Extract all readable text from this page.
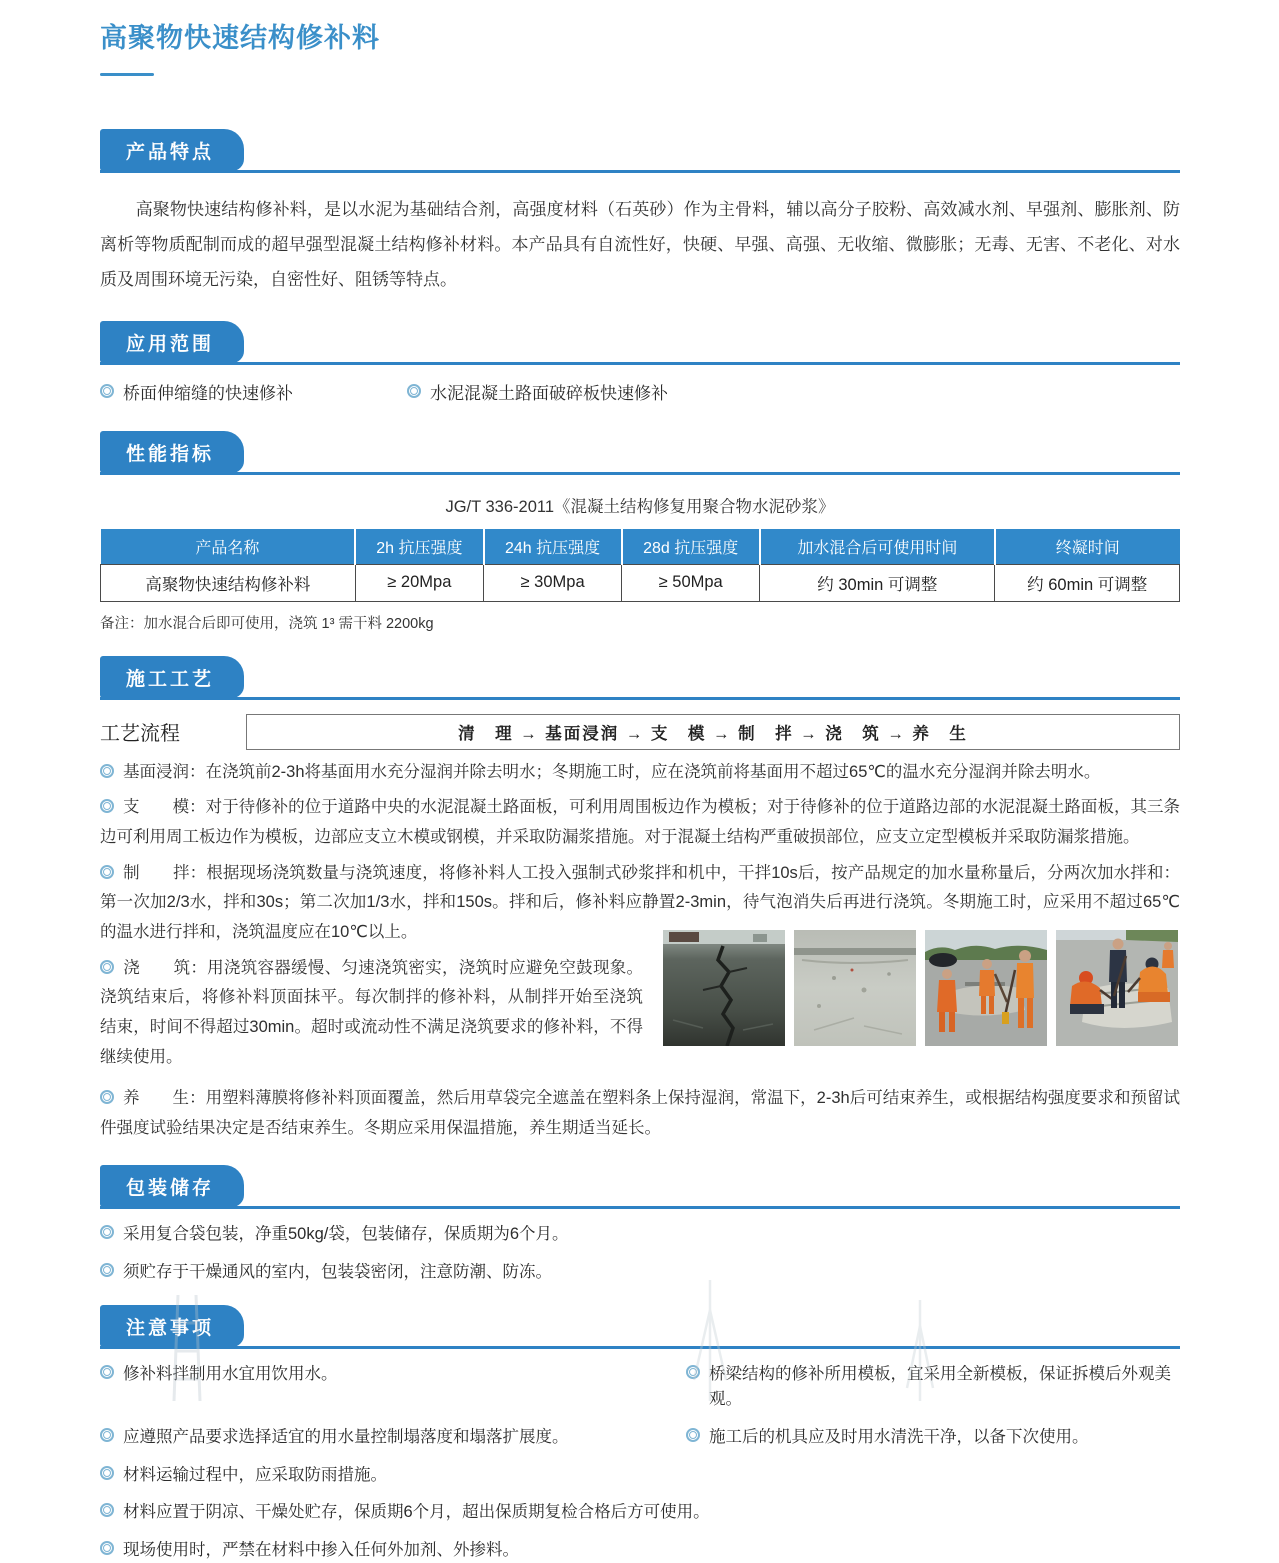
高聚物快速结构修补料
产品特点

高聚物快速结构修补料，是以水泥为基础结合剂，高强度材料（石英砂）作为主骨料，辅以高分子胶粉、高效减水剂、早强剂、膨胀剂、防离析等物质配制而成的超早强型混凝土结构修补材料。本产品具有自流性好，快硬、早强、高强、无收缩、微膨胀；无毒、无害、不老化、对水质及周围环境无污染，自密性好、阻锈等特点。

应用范围
桥面伸缩缝的快速修补	水泥混凝土路面破碎板快速修补
性能指标
JG/T 336-2011《混凝土结构修复用聚合物水泥砂浆》
产品名称	2h 抗压强度	24h 抗压强度	28d 抗压强度	加水混合后可使用时间	终凝时间
高聚物快速结构修补料	≥ 20Mpa	≥ 30Mpa	≥ 50Mpa	约 30min 可调整	约 60min 可调整
备注：加水混合后即可使用，浇筑 1³ 需干料 2200kg
施工工艺
工艺流程	清　理 → 基面浸润 → 支　模 → 制　拌 → 浇　筑 → 养　生

基面浸润：在浇筑前2-3h将基面用水充分湿润并除去明水；冬期施工时，应在浇筑前将基面用不超过65℃的温水充分湿润并除去明水。

支　　模：对于待修补的位于道路中央的水泥混凝土路面板，可利用周围板边作为模板；对于待修补的位于道路边部的水泥混凝土路面板，其三条边可利用周工板边作为模板，边部应支立木模或钢模，并采取防漏浆措施。对于混凝土结构严重破损部位，应支立定型模板并采取防漏浆措施。

制　　拌：根据现场浇筑数量与浇筑速度，将修补料人工投入强制式砂浆拌和机中，干拌10s后，按产品规定的加水量称量后，分两次加水拌和：第一次加2/3水，拌和30s；第二次加1/3水，拌和150s。拌和后，修补料应静置2-3min，待气泡消失后再进行浇筑。冬期施工时，应采用不超过65℃的温水进行拌和，浇筑温度应在10℃以上。

浇　　筑：用浇筑容器缓慢、匀速浇筑密实，浇筑时应避免空鼓现象。浇筑结束后，将修补料顶面抹平。每次制拌的修补料，从制拌开始至浇筑结束，时间不得超过30min。超时或流动性不满足浇筑要求的修补料，不得继续使用。

养　　生：用塑料薄膜将修补料顶面覆盖，然后用草袋完全遮盖在塑料条上保持湿润，常温下，2-3h后可结束养生，或根据结构强度要求和预留试件强度试验结果决定是否结束养生。冬期应采用保温措施，养生期适当延长。

包装储存
采用复合袋包装，净重50kg/袋，包装储存，保质期为6个月。
须贮存于干燥通风的室内，包装袋密闭，注意防潮、防冻。
注意事项
修补料拌制用水宜用饮用水。	桥梁结构的修补所用模板，宜采用全新模板，保证拆模后外观美观。
应遵照产品要求选择适宜的用水量控制塌落度和塌落扩展度。	施工后的机具应及时用水清洗干净，以备下次使用。
材料运输过程中，应采取防雨措施。
材料应置于阴凉、干燥处贮存，保质期6个月，超出保质期复检合格后方可使用。
现场使用时，严禁在材料中掺入任何外加剂、外掺料。
